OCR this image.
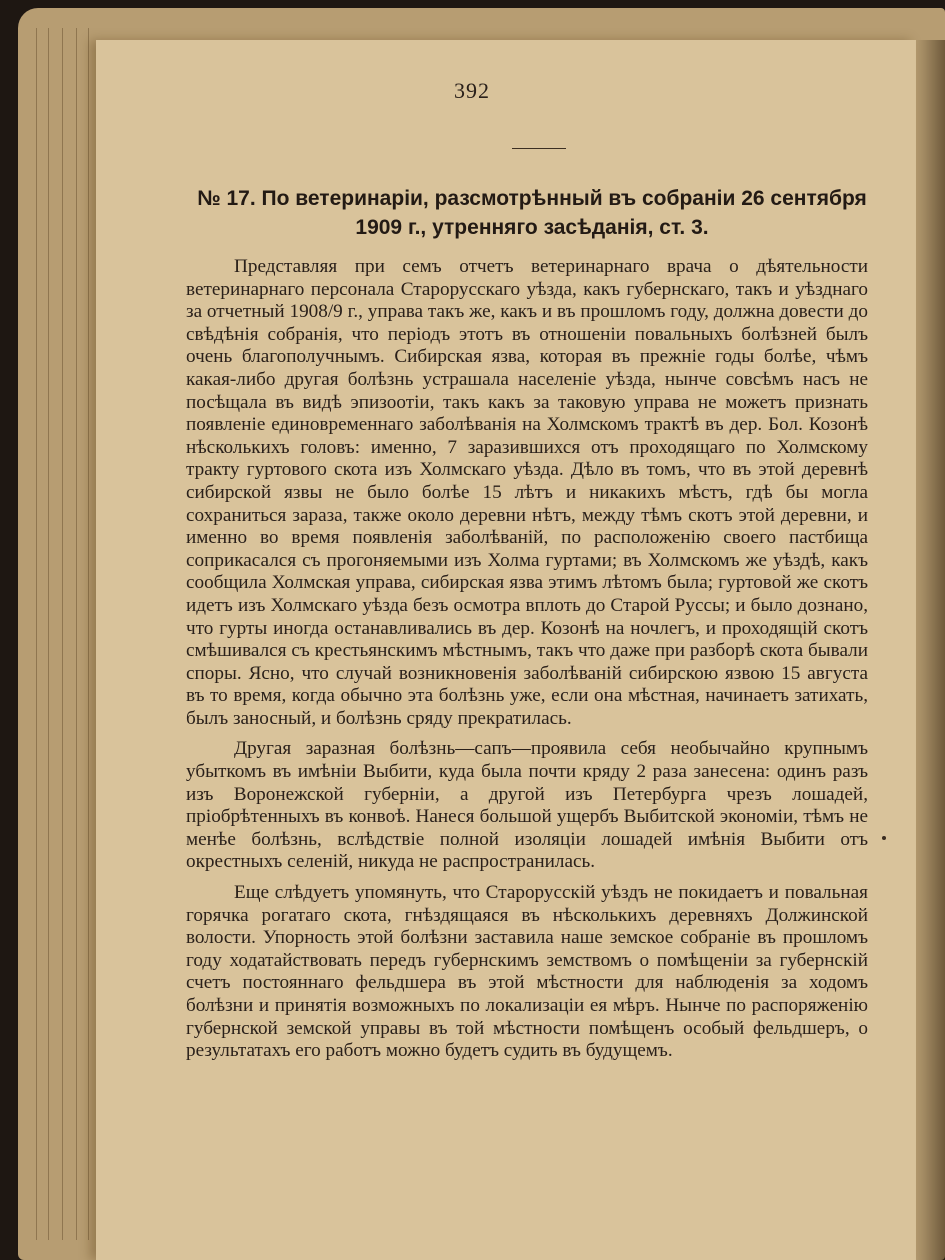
392
№ 17. По ветеринаріи, разсмотрѣнный въ собраніи 26 сентября 1909 г., утренняго засѣданія, ст. 3.

Представляя при семъ отчетъ ветеринарнаго врача о дѣятельности ветеринарнаго персонала Старорусскаго уѣзда, какъ губернскаго, такъ и уѣзднаго за отчетный 1908/9 г., управа такъ же, какъ и въ прошломъ году, должна довести до свѣдѣнія собранія, что періодъ этотъ въ отношеніи повальныхъ болѣзней былъ очень благополучнымъ. Сибирская язва, которая въ прежніе годы болѣе, чѣмъ какая-либо другая болѣзнь устрашала населеніе уѣзда, нынче совсѣмъ насъ не посѣщала въ видѣ эпизоотіи, такъ какъ за таковую управа не можетъ признать появленіе единовременнаго заболѣванія на Холмскомъ трактѣ въ дер. Бол. Козонѣ нѣсколькихъ головъ: именно, 7 заразившихся отъ проходящаго по Холмскому тракту гуртового скота изъ Холмскаго уѣзда. Дѣло въ томъ, что въ этой деревнѣ сибирской язвы не было болѣе 15 лѣтъ и никакихъ мѣстъ, гдѣ бы могла сохраниться зараза, также около деревни нѣтъ, между тѣмъ скотъ этой деревни, и именно во время появленія заболѣваній, по расположенію своего пастбища соприкасался съ прогоняемыми изъ Холма гуртами; въ Холмскомъ же уѣздѣ, какъ сообщила Холмская управа, сибирская язва этимъ лѣтомъ была; гуртовой же скотъ идетъ изъ Холмскаго уѣзда безъ осмотра вплоть до Старой Руссы; и было дознано, что гурты иногда останавливались въ дер. Козонѣ на ночлегъ, и проходящій скотъ смѣшивался съ крестьянскимъ мѣстнымъ, такъ что даже при разборѣ скота бывали споры. Ясно, что случай возникновенія заболѣваній сибирскою язвою 15 августа въ то время, когда обычно эта болѣзнь уже, если она мѣстная, начинаетъ затихать, былъ заносный, и болѣзнь сряду прекратилась.

Другая заразная болѣзнь—сапъ—проявила себя необычайно крупнымъ убыткомъ въ имѣніи Выбити, куда была почти кряду 2 раза занесена: одинъ разъ изъ Воронежской губерніи, а другой изъ Петербурга чрезъ лошадей, пріобрѣтенныхъ въ конвоѣ. Нанеся большой ущербъ Выбитской экономіи, тѣмъ не менѣе болѣзнь, вслѣдствіе полной изоляціи лошадей имѣнія Выбити отъ окрестныхъ селеній, никуда не распространилась.

Еще слѣдуетъ упомянуть, что Старорусскій уѣздъ не покидаетъ и повальная горячка рогатаго скота, гнѣздящаяся въ нѣсколькихъ деревняхъ Должинской волости. Упорность этой болѣзни заставила наше земское собраніе въ прошломъ году ходатайствовать передъ губернскимъ земствомъ о помѣщеніи за губернскій счетъ постояннаго фельдшера въ этой мѣстности для наблюденія за ходомъ болѣзни и принятія возможныхъ по локализаціи ея мѣръ. Нынче по распоряженію губернской земской управы въ той мѣстности помѣщенъ особый фельдшеръ, о результатахъ его работъ можно будетъ судить въ будущемъ.
